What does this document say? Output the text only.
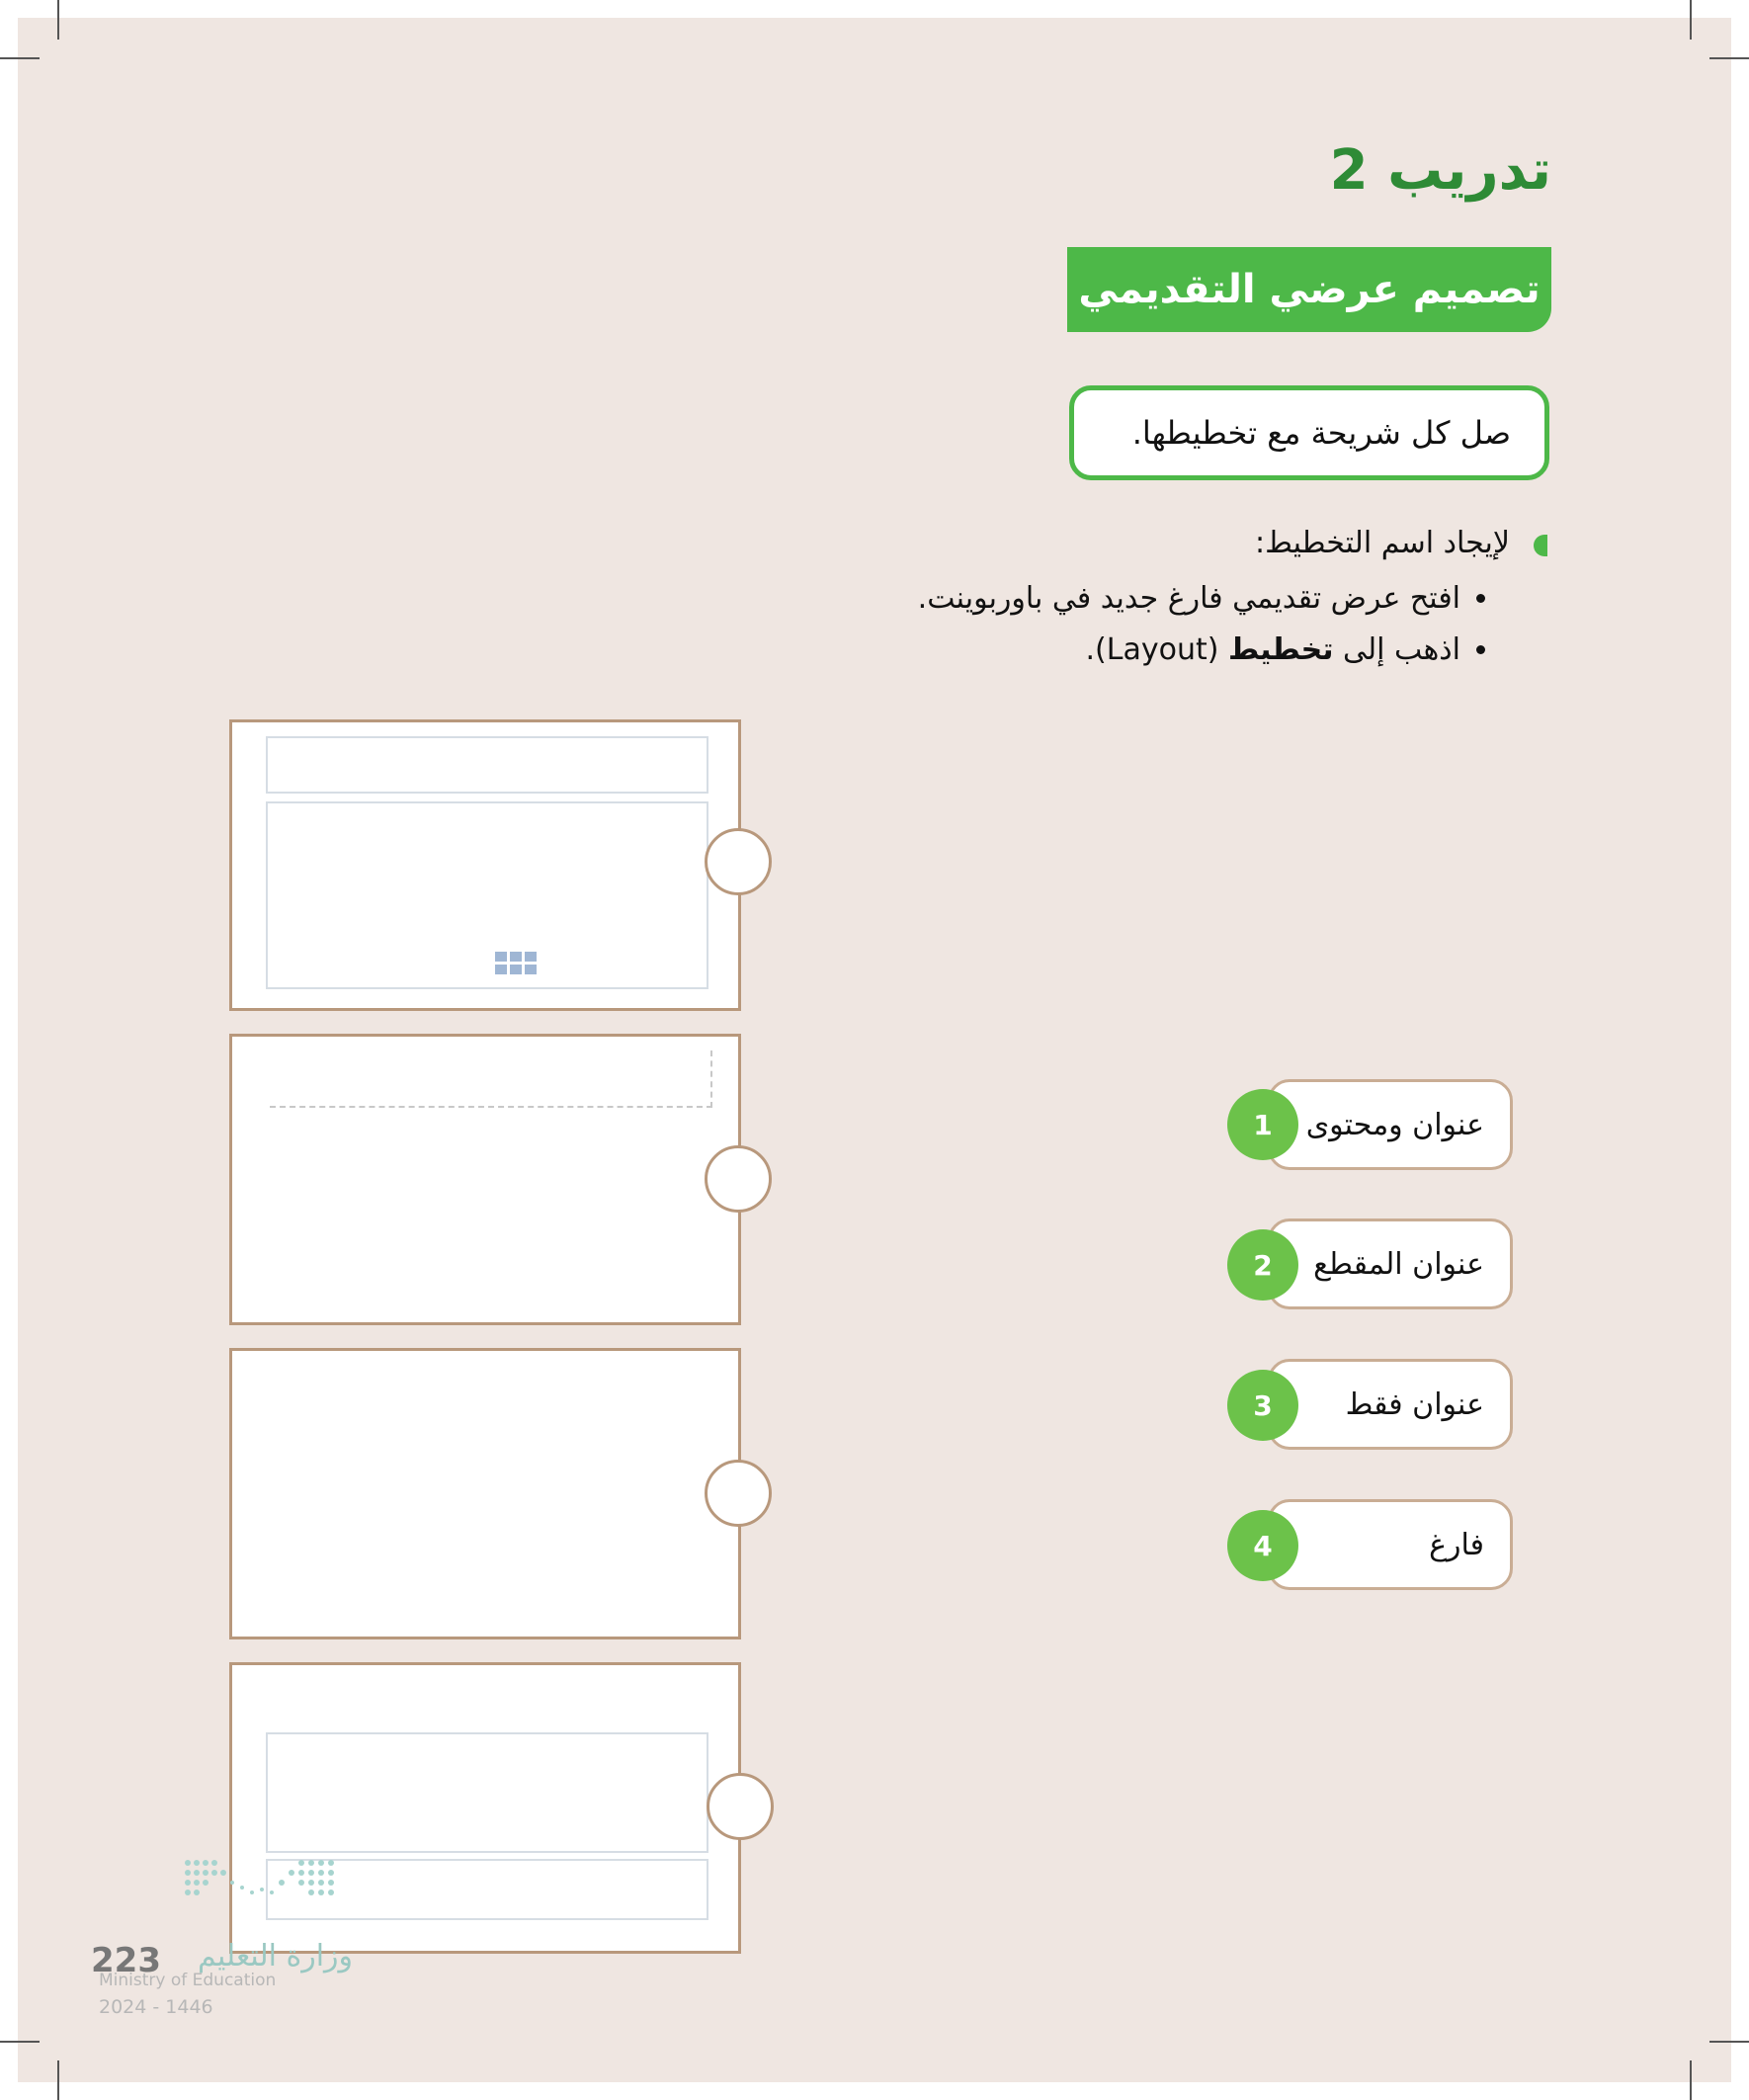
تدريب 2
تصميم عرضي التقديمي
صل كل شريحة مع تخطيطها.
لإيجاد اسم التخطيط:
• افتح عرض تقديمي فارغ جديد في باوربوينت.
• اذهب إلى تخطيط (Layout).
عنوان ومحتوى
1
عنوان المقطع
2
عنوان فقط
3
فارغ
4
وزارة التعليم
223
Ministry of Education
2024 - 1446
